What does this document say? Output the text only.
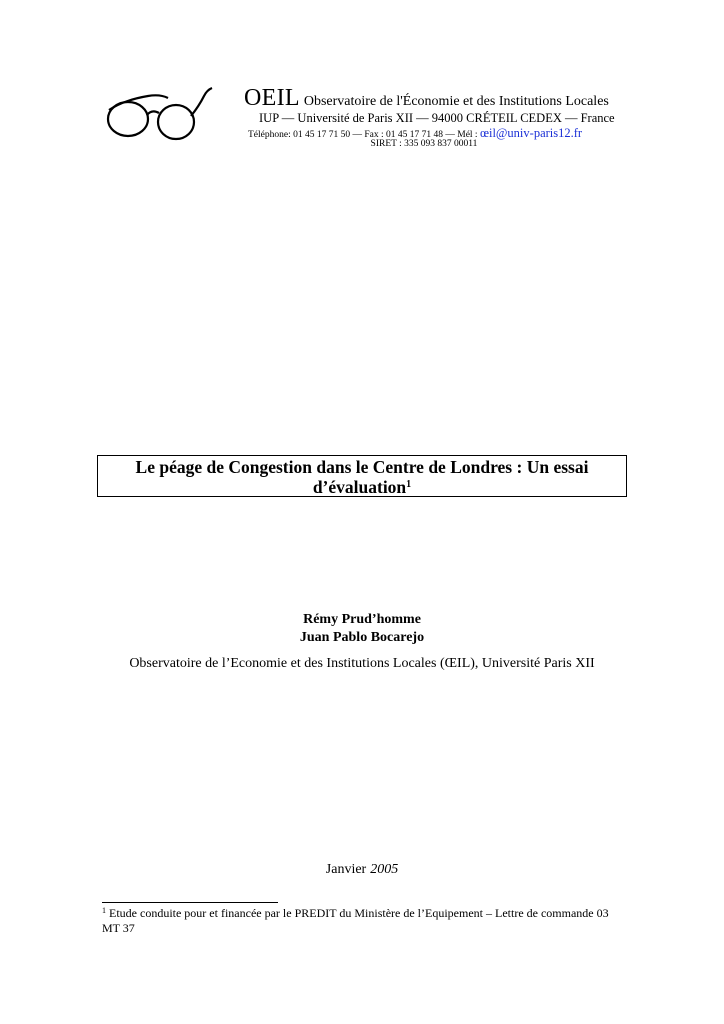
OEIL Observatoire de l'Économie et des Institutions Locales
IUP — Université de Paris XII — 94000 CRÉTEIL CEDEX — France
Téléphone: 01 45 17 71 50 — Fax : 01 45 17 71 48 — Mél : œil@univ-paris12.fr
SIRET : 335 093 837 00011
Le péage de Congestion dans le Centre de Londres : Un essai
d’évaluation$^1$
Rémy Prud’homme
Juan Pablo Bocarejo
Observatoire de l’Economie et des Institutions Locales (ŒIL), Université Paris XII
Janvier 2005
$^1$ Etude conduite pour et financée par le PREDIT du Ministère de l’Equipement – Lettre de commande 03 MT 37
